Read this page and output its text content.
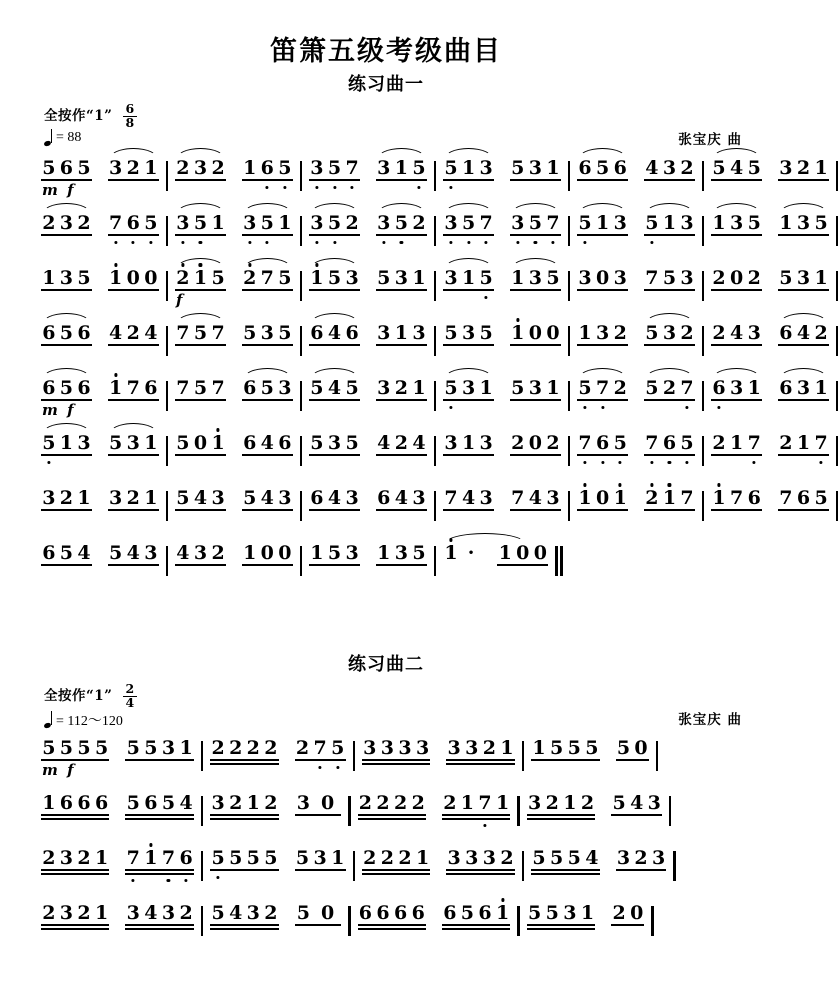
笛箫五级考级曲目
练习曲一
全按作“1” $\frac{6}{8}$
= 88	张宝庆 曲
5 6 5
m f
3 2 1 2 3 2 1 6 5 3 5 7 3 1 5 5 1 3 5 3 1 6 5 6 4 3 2 5 4 5 3 2 1
2 3 2 7 6 5 3 5 1 3 5 1 3 5 2 3 5 2 3 5 7 3 5 7 5 1 3 5 1 3 1 3 5 1 3 5
1 3 5 1 0 0 2 1 5
f
2 7 5 1 5 3 5 3 1 3 1 5 1 3 5 3 0 3 7 5 3 2 0 2 5 3 1
6 5 6 4 2 4 7 5 7 5 3 5 6 4 6 3 1 3 5 3 5 1 0 0 1 3 2 5 3 2 2 4 3 6 4 2
6 5 6
m f
1 7 6 7 5 7 6 5 3 5 4 5 3 2 1 5 3 1 5 3 1 5 7 2 5 2 7 6 3 1 6 3 1
5 1 3 5 3 1 5 0 1 6 4 6 5 3 5 4 2 4 3 1 3 2 0 2 7 6 5 7 6 5 2 1 7 2 1 7
3 2 1 3 2 1 5 4 3 5 4 3 6 4 3 6 4 3 7 4 3 7 4 3 1 0 1 2 1 7 1 7 6 7 6 5
6 5 4 5 4 3 4 3 2 1 0 0 1 5 3 1 3 5 1 ·	1 0 0
练习曲二
全按作“1” $\frac{2}{4}$
= 112～120	张宝庆 曲
5 5 5 5
m f
5 5 3 1 2 2 2 2 2 7 5 3 3 3 3 3 3 2 1 1 5 5 5 5 0
1 6 6 6 5 6 5 4 3 2 1 2 3 0	2 2 2 2 2 1 7 1 3 2 1 2 5 4 3
2 3 2 1 7 1 7 6 5 5 5 5 5 3 1 2 2 2 1 3 3 3 2 5 5 5 4 3 2 3
2 3 2 1 3 4 3 2 5 4 3 2 5 0	6 6 6 6 6 5 6 1 5 5 3 1 2 0
